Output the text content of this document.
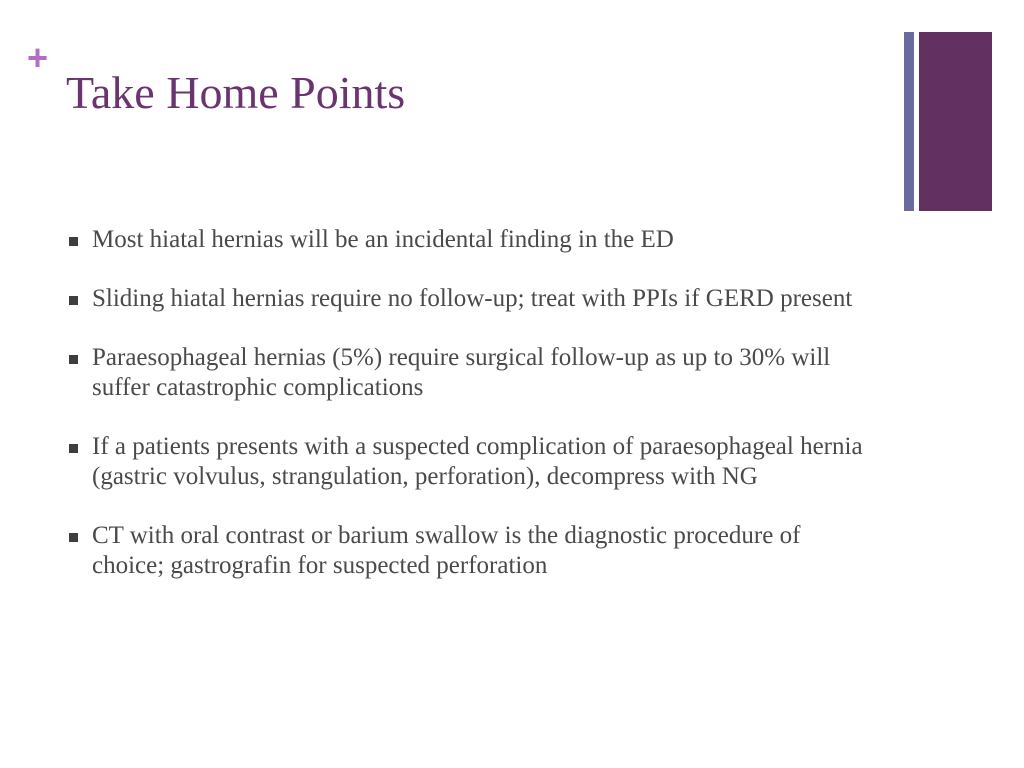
+
Take Home Points
Most hiatal hernias will be an incidental finding in the ED
Sliding hiatal hernias require no follow-up; treat with PPIs if GERD present
Paraesophageal hernias (5%) require surgical follow-up as up to 30% will suffer catastrophic complications
If a patients presents with a suspected complication of paraesophageal hernia (gastric volvulus, strangulation, perforation), decompress with NG
CT with oral contrast or barium swallow is the diagnostic procedure of choice; gastrografin for suspected perforation
